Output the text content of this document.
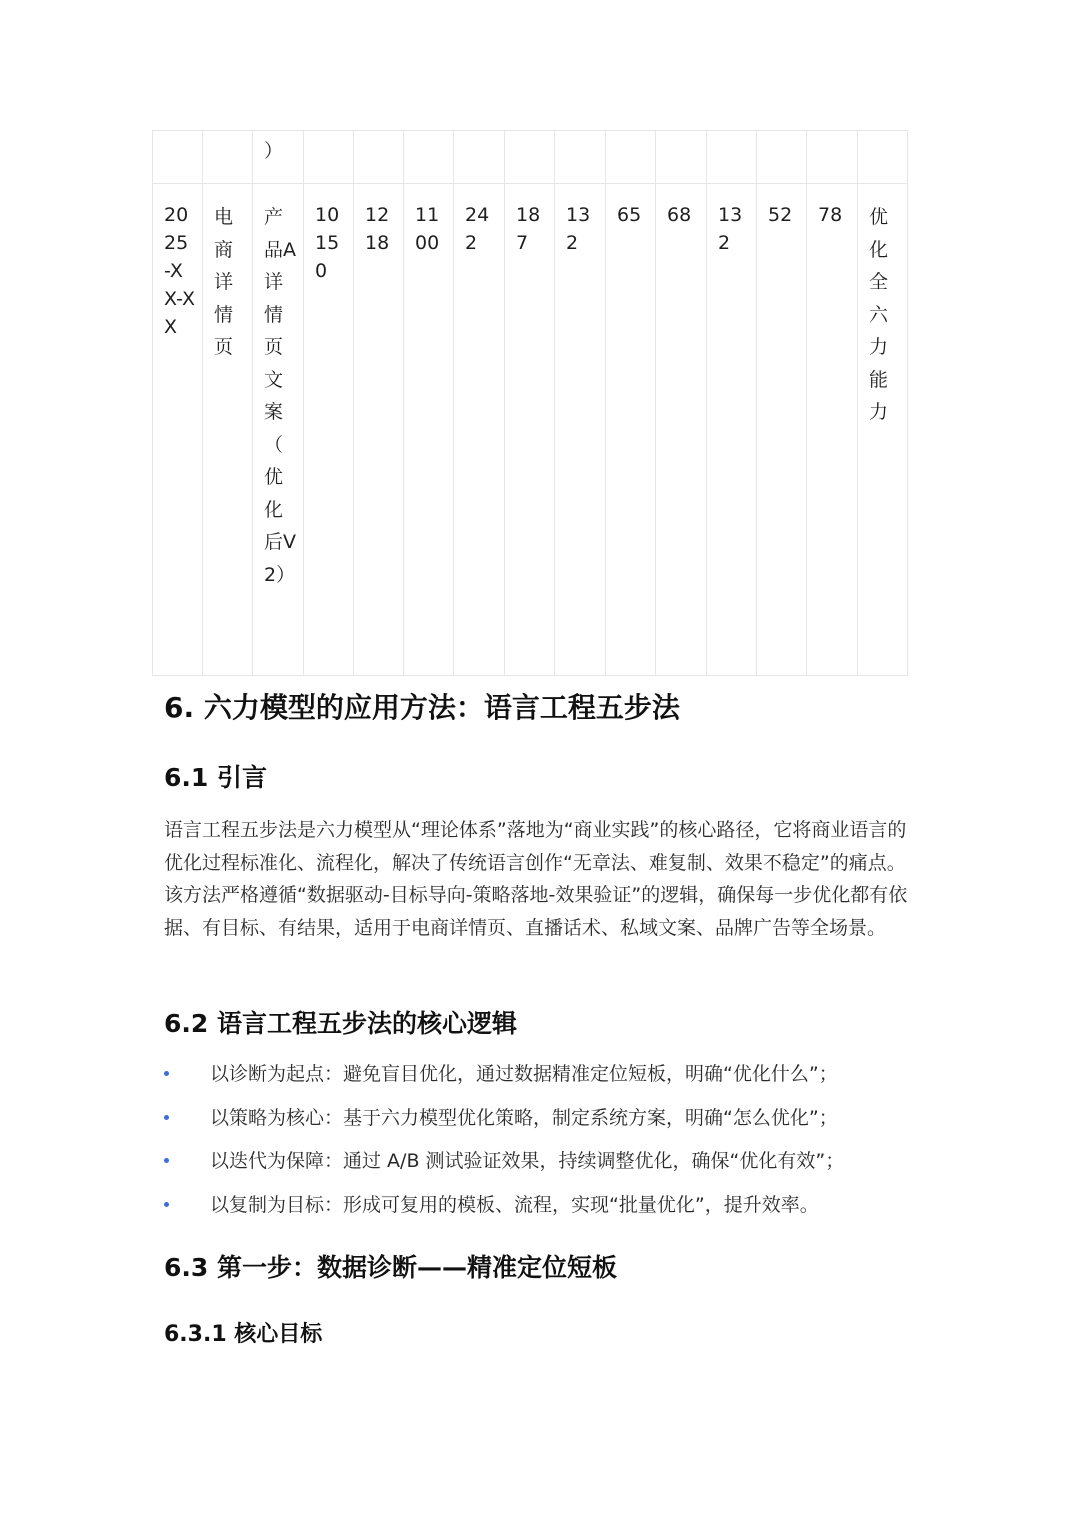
		）												

2025-XX-XX	电商详情页	产品A详情页文案（优化后V2）	10150	1218	1100	242	187	132	65	68	132	52	78	优化全六力能力
6. 六力模型的应用方法：语言工程五步法
6.1 引言

语言工程五步法是六力模型从“理论体系”落地为“商业实践”的核心路径，它将商业语言的优化过程标准化、流程化，解决了传统语言创作“无章法、难复制、效果不稳定”的痛点。该方法严格遵循“数据驱动-目标导向-策略落地-效果验证”的逻辑，确保每一步优化都有依据、有目标、有结果，适用于电商详情页、直播话术、私域文案、品牌广告等全场景。

6.2 语言工程五步法的核心逻辑
以诊断为起点：避免盲目优化，通过数据精准定位短板，明确“优化什么”；
以策略为核心：基于六力模型优化策略，制定系统方案，明确“怎么优化”；
以迭代为保障：通过 A/B 测试验证效果，持续调整优化，确保“优化有效”；
以复制为目标：形成可复用的模板、流程，实现“批量优化”，提升效率。
6.3 第一步：数据诊断——精准定位短板
6.3.1 核心目标
